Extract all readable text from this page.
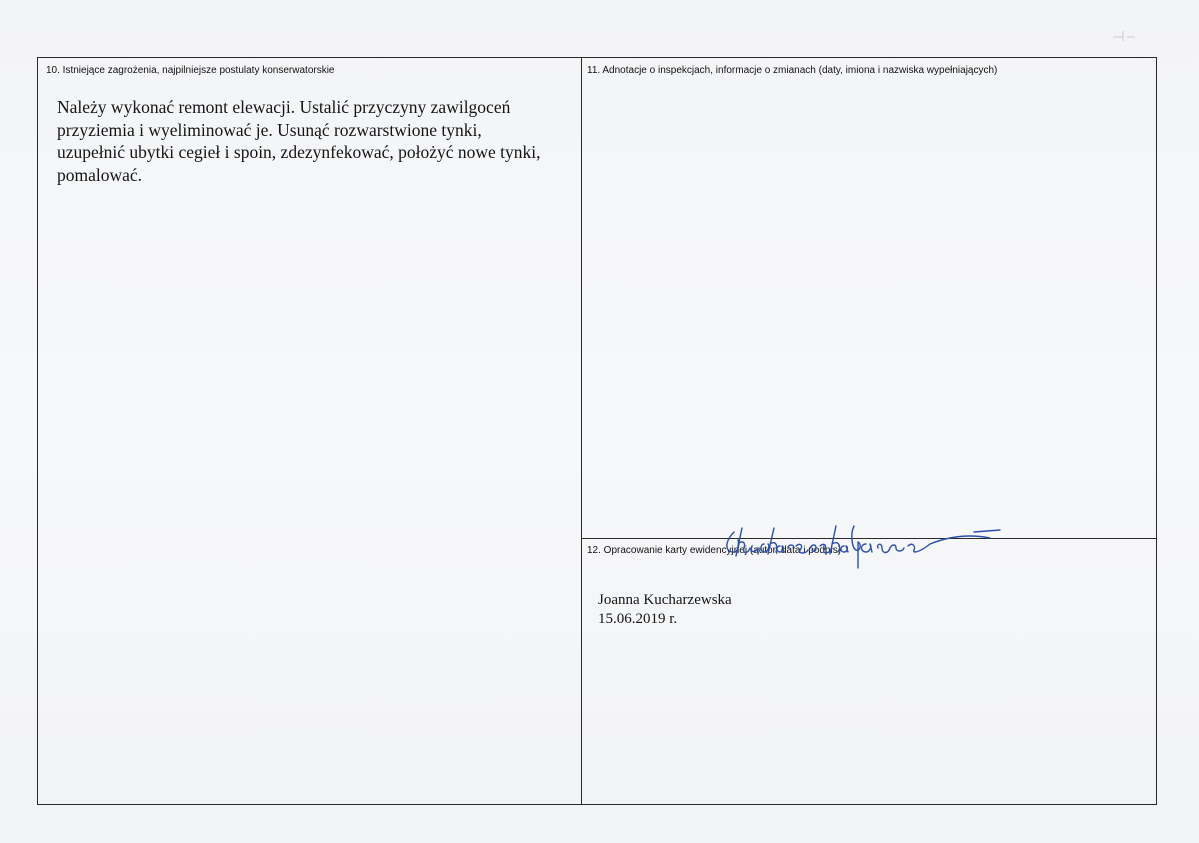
10. Istniejące zagrożenia, najpilniejsze postulaty konserwatorskie
Należy wykonać remont elewacji. Ustalić przyczyny zawilgoceń
przyziemia i wyeliminować je. Usunąć rozwarstwione tynki,
uzupełnić ubytki cegieł i spoin, zdezynfekować, położyć nowe tynki,
pomalować.
11. Adnotacje o inspekcjach, informacje o zmianach (daty, imiona i nazwiska wypełniających)
12. Opracowanie karty ewidencyjnej (autor, data i podpis)
Joanna Kucharzewska
15.06.2019 r.
